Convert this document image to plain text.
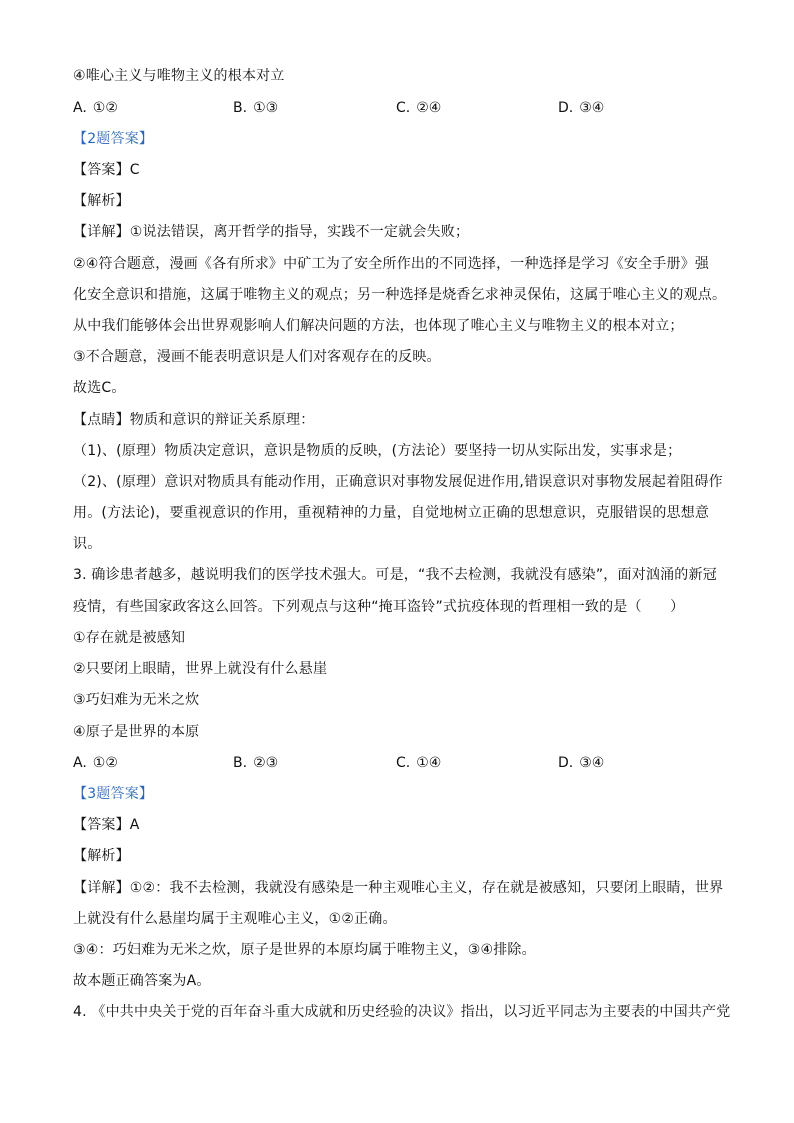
④唯心主义与唯物主义的根本对立
A. ①②	B. ①③	C. ②④	D. ③④
【2题答案】
【答案】C
【解析】
【详解】①说法错误，离开哲学的指导，实践不一定就会失败；
②④符合题意，漫画《各有所求》中矿工为了安全所作出的不同选择，一种选择是学习《安全手册》强
化安全意识和措施，这属于唯物主义的观点；另一种选择是烧香乞求神灵保佑，这属于唯心主义的观点。
从中我们能够体会出世界观影响人们解决问题的方法，也体现了唯心主义与唯物主义的根本对立；
③不合题意，漫画不能表明意识是人们对客观存在的反映。
故选C。
【点睛】物质和意识的辩证关系原理：
（1)、(原理）物质决定意识，意识是物质的反映，(方法论）要坚持一切从实际出发，实事求是；
（2)、(原理）意识对物质具有能动作用，正确意识对事物发展促进作用,错误意识对事物发展起着阻碍作
用。(方法论)，要重视意识的作用，重视精神的力量，自觉地树立正确的思想意识，克服错误的思想意
识。
3. 确诊患者越多，越说明我们的医学技术强大。可是，“我不去检测，我就没有感染”，面对汹涌的新冠
疫情，有些国家政客这么回答。下列观点与这种“掩耳盗铃”式抗疫体现的哲理相一致的是（　　）
①存在就是被感知
②只要闭上眼睛，世界上就没有什么悬崖
③巧妇难为无米之炊
④原子是世界的本原
A. ①②	B. ②③	C. ①④	D. ③④
【3题答案】
【答案】A
【解析】
【详解】①②：我不去检测，我就没有感染是一种主观唯心主义，存在就是被感知，只要闭上眼睛，世界
上就没有什么悬崖均属于主观唯心主义，①②正确。
③④：巧妇难为无米之炊，原子是世界的本原均属于唯物主义，③④排除。
故本题正确答案为A。
4. 《中共中央关于党的百年奋斗重大成就和历史经验的决议》指出，以习近平同志为主要表的中国共产党
